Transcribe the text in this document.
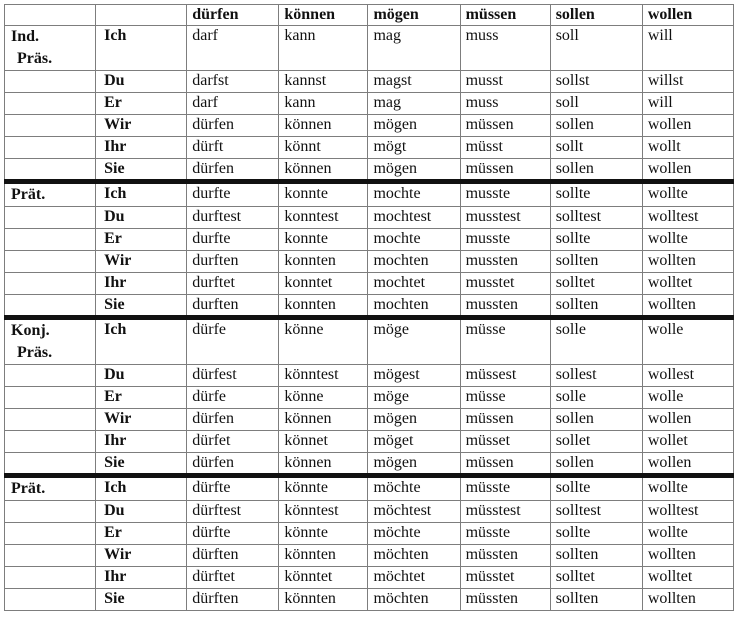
		dürfen	können	mögen	müssen	sollen	wollen
Ind.
Präs.	Ich	darf	kann	mag	muss	soll	will
	Du	darfst	kannst	magst	musst	sollst	willst
	Er	darf	kann	mag	muss	soll	will
	Wir	dürfen	können	mögen	müssen	sollen	wollen
	Ihr	dürft	könnt	mögt	müsst	sollt	wollt
	Sie	dürfen	können	mögen	müssen	sollen	wollen
Prät.	Ich	durfte	konnte	mochte	musste	sollte	wollte
	Du	durftest	konntest	mochtest	musstest	solltest	wolltest
	Er	durfte	konnte	mochte	musste	sollte	wollte
	Wir	durften	konnten	mochten	mussten	sollten	wollten
	Ihr	durftet	konntet	mochtet	musstet	solltet	wolltet
	Sie	durften	konnten	mochten	mussten	sollten	wollten
Konj.
Präs.	Ich	dürfe	könne	möge	müsse	solle	wolle
	Du	dürfest	könntest	mögest	müssest	sollest	wollest
	Er	dürfe	könne	möge	müsse	solle	wolle
	Wir	dürfen	können	mögen	müssen	sollen	wollen
	Ihr	dürfet	könnet	möget	müsset	sollet	wollet
	Sie	dürfen	können	mögen	müssen	sollen	wollen
Prät.	Ich	dürfte	könnte	möchte	müsste	sollte	wollte
	Du	dürftest	könntest	möchtest	müsstest	solltest	wolltest
	Er	dürfte	könnte	möchte	müsste	sollte	wollte
	Wir	dürften	könnten	möchten	müssten	sollten	wollten
	Ihr	dürftet	könntet	möchtet	müsstet	solltet	wolltet
	Sie	dürften	könnten	möchten	müssten	sollten	wollten
